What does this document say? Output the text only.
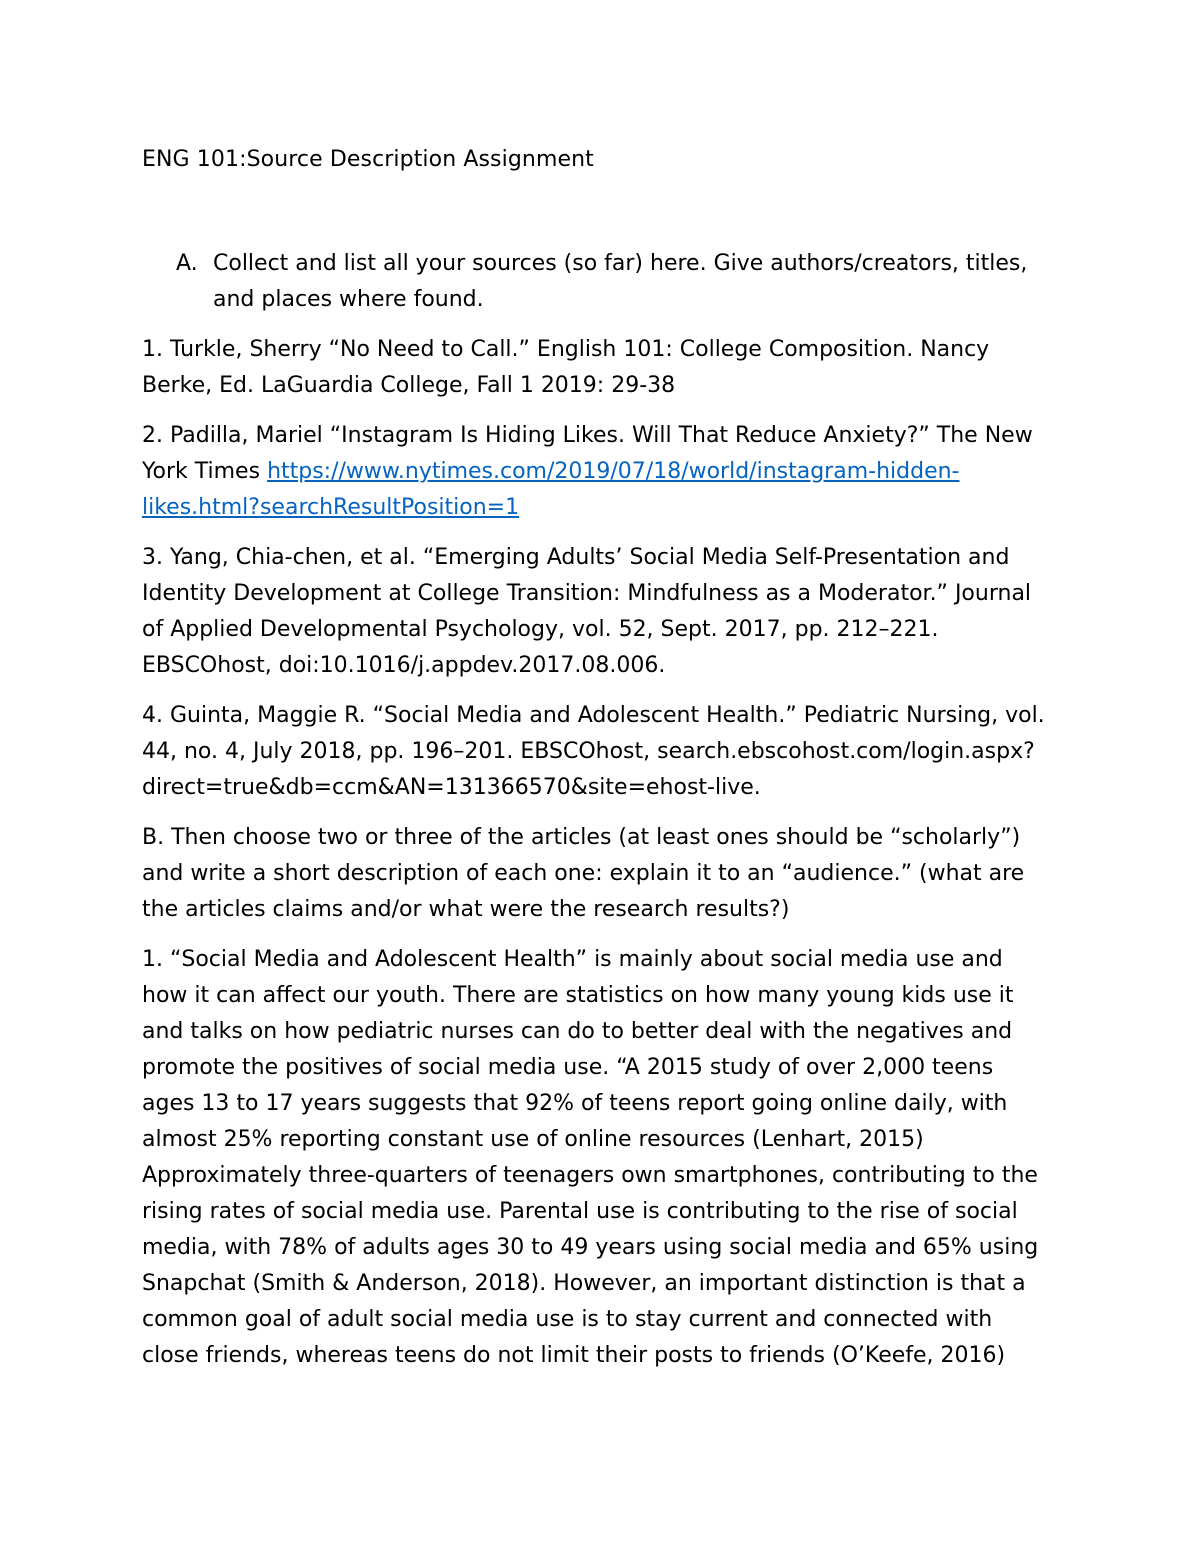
ENG 101:Source Description Assignment

A. Collect and list all your sources (so far) here. Give authors/creators, titles, and places where found.

1. Turkle, Sherry “No Need to Call.” English 101: College Composition. Nancy Berke, Ed. LaGuardia College, Fall 1 2019: 29-38

2. Padilla, Mariel “Instagram Is Hiding Likes. Will That Reduce Anxiety?” The New York Times https://www.nytimes.com/2019/07/18/world/instagram-hidden-likes.html?searchResultPosition=1

3. Yang, Chia-chen, et al. “Emerging Adults’ Social Media Self-Presentation and Identity Development at College Transition: Mindfulness as a Moderator.” Journal of Applied Developmental Psychology, vol. 52, Sept. 2017, pp. 212–221. EBSCOhost, doi:10.1016/j.appdev.2017.08.006.

4. Guinta, Maggie R. “Social Media and Adolescent Health.” Pediatric Nursing, vol. 44, no. 4, July 2018, pp. 196–201. EBSCOhost, search.ebscohost.com/login.aspx?direct=true&db=ccm&AN=131366570&site=ehost-live.

B. Then choose two or three of the articles (at least ones should be “scholarly”) and write a short description of each one: explain it to an “audience.” (what are the articles claims and/or what were the research results?)

1. “Social Media and Adolescent Health” is mainly about social media use and how it can affect our youth. There are statistics on how many young kids use it and talks on how pediatric nurses can do to better deal with the negatives and promote the positives of social media use. “A 2015 study of over 2,000 teens ages 13 to 17 years suggests that 92% of teens report going online daily, with almost 25% reporting constant use of online resources (Lenhart, 2015) Approximately three-quarters of teenagers own smartphones, contributing to the rising rates of social media use. Parental use is contributing to the rise of social media, with 78% of adults ages 30 to 49 years using social media and 65% using Snapchat (Smith & Anderson, 2018). However, an important distinction is that a common goal of adult social media use is to stay current and connected with close friends, whereas teens do not limit their posts to friends (O’Keefe, 2016)
